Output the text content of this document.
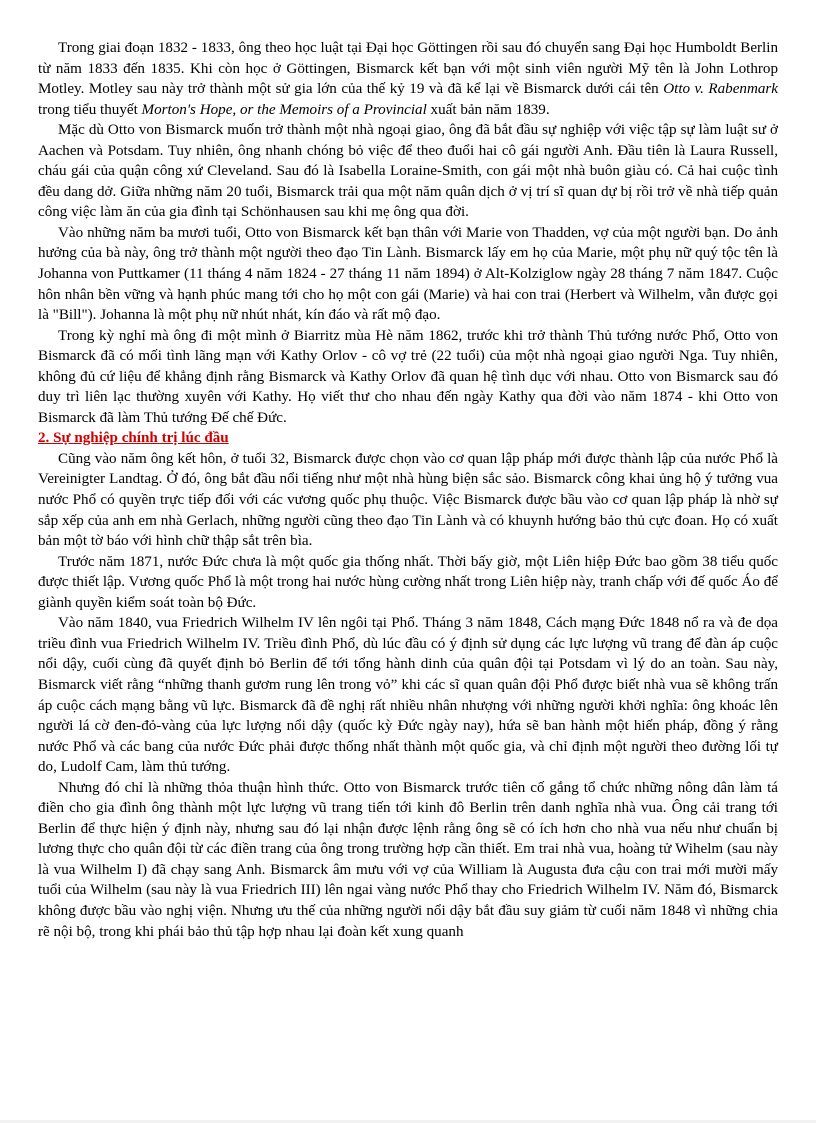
Trong giai đoạn 1832 - 1833, ông theo học luật tại Đại học Göttingen rồi sau đó chuyển sang Đại học Humboldt Berlin từ năm 1833 đến 1835. Khi còn học ở Göttingen, Bismarck kết bạn với một sinh viên người Mỹ tên là John Lothrop Motley. Motley sau này trở thành một sử gia lớn của thế kỷ 19 và đã kể lại về Bismarck dưới cái tên Otto v. Rabenmark trong tiểu thuyết Morton's Hope, or the Memoirs of a Provincial xuất bản năm 1839.

Mặc dù Otto von Bismarck muốn trở thành một nhà ngoại giao, ông đã bắt đầu sự nghiệp với việc tập sự làm luật sư ở Aachen và Potsdam. Tuy nhiên, ông nhanh chóng bỏ việc để theo đuổi hai cô gái người Anh. Đầu tiên là Laura Russell, cháu gái của quận công xứ Cleveland. Sau đó là Isabella Loraine-Smith, con gái một nhà buôn giàu có. Cả hai cuộc tình đều dang dở. Giữa những năm 20 tuổi, Bismarck trải qua một năm quân dịch ở vị trí sĩ quan dự bị rồi trở về nhà tiếp quản công việc làm ăn của gia đình tại Schönhausen sau khi mẹ ông qua đời.

Vào những năm ba mươi tuổi, Otto von Bismarck kết bạn thân với Marie von Thadden, vợ của một người bạn. Do ảnh hưởng của bà này, ông trở thành một người theo đạo Tin Lành. Bismarck lấy em họ của Marie, một phụ nữ quý tộc tên là Johanna von Puttkamer (11 tháng 4 năm 1824 - 27 tháng 11 năm 1894) ở Alt-Kolziglow ngày 28 tháng 7 năm 1847. Cuộc hôn nhân bền vững và hạnh phúc mang tới cho họ một con gái (Marie) và hai con trai (Herbert và Wilhelm, vẫn được gọi là "Bill"). Johanna là một phụ nữ nhút nhát, kín đáo và rất mộ đạo.

Trong kỳ nghỉ mà ông đi một mình ở Biarritz mùa Hè năm 1862, trước khi trở thành Thủ tướng nước Phổ, Otto von Bismarck đã có mối tình lãng mạn với Kathy Orlov - cô vợ trẻ (22 tuổi) của một nhà ngoại giao người Nga. Tuy nhiên, không đủ cứ liệu để khẳng định rằng Bismarck và Kathy Orlov đã quan hệ tình dục với nhau. Otto von Bismarck sau đó duy trì liên lạc thường xuyên với Kathy. Họ viết thư cho nhau đến ngày Kathy qua đời vào năm 1874 - khi Otto von Bismarck đã làm Thủ tướng Đế chế Đức.

2. Sự nghiệp chính trị lúc đầu

Cũng vào năm ông kết hôn, ở tuổi 32, Bismarck được chọn vào cơ quan lập pháp mới được thành lập của nước Phổ là Vereinigter Landtag. Ở đó, ông bắt đầu nổi tiếng như một nhà hùng biện sắc sảo. Bismarck công khai ủng hộ ý tưởng vua nước Phổ có quyền trực tiếp đối với các vương quốc phụ thuộc. Việc Bismarck được bầu vào cơ quan lập pháp là nhờ sự sắp xếp của anh em nhà Gerlach, những người cũng theo đạo Tin Lành và có khuynh hướng bảo thủ cực đoan. Họ có xuất bản một tờ báo với hình chữ thập sắt trên bìa.

Trước năm 1871, nước Đức chưa là một quốc gia thống nhất. Thời bấy giờ, một Liên hiệp Đức bao gồm 38 tiểu quốc được thiết lập. Vương quốc Phổ là một trong hai nước hùng cường nhất trong Liên hiệp này, tranh chấp với đế quốc Áo để giành quyền kiểm soát toàn bộ Đức.

Vào năm 1840, vua Friedrich Wilhelm IV lên ngôi tại Phổ. Tháng 3 năm 1848, Cách mạng Đức 1848 nổ ra và đe dọa triều đình vua Friedrich Wilhelm IV. Triều đình Phổ, dù lúc đầu có ý định sử dụng các lực lượng vũ trang để đàn áp cuộc nổi dậy, cuối cùng đã quyết định bỏ Berlin để tới tổng hành dinh của quân đội tại Potsdam vì lý do an toàn. Sau này, Bismarck viết rằng “những thanh gươm rung lên trong vỏ” khi các sĩ quan quân đội Phổ được biết nhà vua sẽ không trấn áp cuộc cách mạng bằng vũ lực. Bismarck đã đề nghị rất nhiều nhân nhượng với những người khởi nghĩa: ông khoác lên người lá cờ đen-đỏ-vàng của lực lượng nổi dậy (quốc kỳ Đức ngày nay), hứa sẽ ban hành một hiến pháp, đồng ý rằng nước Phổ và các bang của nước Đức phải được thống nhất thành một quốc gia, và chỉ định một người theo đường lối tự do, Ludolf Cam, làm thủ tướng.

Nhưng đó chỉ là những thỏa thuận hình thức. Otto von Bismarck trước tiên cố gắng tổ chức những nông dân làm tá điền cho gia đình ông thành một lực lượng vũ trang tiến tới kinh đô Berlin trên danh nghĩa nhà vua. Ông cải trang tới Berlin để thực hiện ý định này, nhưng sau đó lại nhận được lệnh rằng ông sẽ có ích hơn cho nhà vua nếu như chuẩn bị lương thực cho quân đội từ các điền trang của ông trong trường hợp cần thiết. Em trai nhà vua, hoàng tử Wihelm (sau này là vua Wilhelm I) đã chạy sang Anh. Bismarck âm mưu với vợ của William là Augusta đưa cậu con trai mới mười mấy tuổi của Wilhelm (sau này là vua Friedrich III) lên ngai vàng nước Phổ thay cho Friedrich Wilhelm IV. Năm đó, Bismarck không được bầu vào nghị viện. Nhưng ưu thế của những người nổi dậy bắt đầu suy giảm từ cuối năm 1848 vì những chia rẽ nội bộ, trong khi phái bảo thủ tập hợp nhau lại đoàn kết xung quanh
